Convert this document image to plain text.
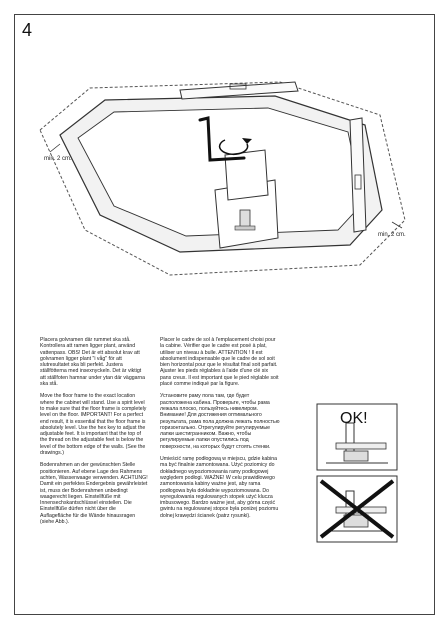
4
min. 2 cm.
min. 2 cm.

Placera golvramen där rummet ska stå. Kontrollera att ramen ligger plant, använd vattenpass. OBS! Det är ett absolut krav att golvramen ligger plant "i våg" för att slutresultatet ska bli perfekt. Justera ställfötterna med insexnyckeln. Det är viktigt att ställfoten hamnar under ytan där väggarna ska stå.

Move the floor frame to the exact location where the cabinet will stand. Use a spirit level to make sure that the floor frame is completely level on the floor. IMPORTANT! For a perfect end result, it is essential that the floor frame is absolutely level. Use the hex key to adjust the adjustable feet. It is important that the top of the thread on the adjustable feet is below the level of the bottom edge of the walls. (See the drawings.)

Bodenrahmen an der gewünschten Stelle positionieren. Auf ebene Lage des Rahmens achten, Wasserwaage verwenden. ACHTUNG! Damit ein perfektes Endergebnis gewährleistet ist, muss der Bodenrahmen unbedingt waagerecht liegen. Einstellfüße mit Innensechskantschlüssel einstellen. Die Einstellfüße dürfen nicht über die Auflagefläche für die Wände hinausragen (siehe Abb.).

Placer le cadre de sol à l'emplacement choisi pour la cabine. Vérifier que le cadre est posé à plat, utiliser un niveau à bulle. ATTENTION ! Il est absolument indispensable que le cadre de sol soit bien horizontal pour que le résultat final soit parfait. Ajuster les pieds réglables à l'aide d'une clé six pans creux. Il est important que le pied réglable soit placé comme indiqué par la figure.

Установите раму пола там, где будет расположена кабина. Проверьте, чтобы рама лежала плоско, пользуйтесь нивелиром. Внимание! Для достижения оптимального результата, рама пола должна лежать полностью горизонтально. Отрегулируйте регулируемые лапки шестигранником. Важно, чтобы регулируемые лапки опустились под поверхности, на которых будут стоять стенки.

Umieścić ramę podłogową w miejscu, gdzie kabina ma być finalnie zamontowana. Użyć poziomicy do dokładnego wypoziomowania ramy podłogowej względem podłogi. WAŻNE! W celu prawidłowego zamontowania kabiny ważne jest, aby rama podłogowa była dokładnie wypoziomowana. Do wyregulowania regulowanych stopek użyć klucza imbusowego. Bardzo ważne jest, aby górna część gwintu na regulowanej stopce była poniżej poziomu dolnej krawędzi ścianek (patrz rysunki).

OK!
